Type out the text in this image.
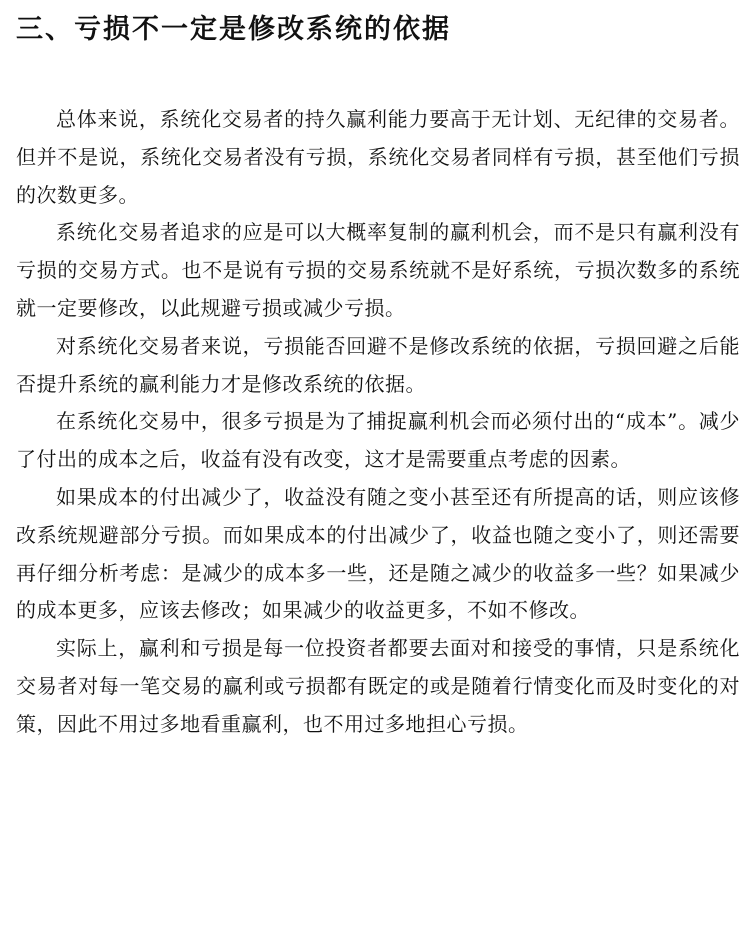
三、亏损不一定是修改系统的依据

总体来说，系统化交易者的持久赢利能力要高于无计划、无纪律的交易者。但并不是说，系统化交易者没有亏损，系统化交易者同样有亏损，甚至他们亏损的次数更多。

系统化交易者追求的应是可以大概率复制的赢利机会，而不是只有赢利没有亏损的交易方式。也不是说有亏损的交易系统就不是好系统，亏损次数多的系统就一定要修改，以此规避亏损或减少亏损。

对系统化交易者来说，亏损能否回避不是修改系统的依据，亏损回避之后能否提升系统的赢利能力才是修改系统的依据。

在系统化交易中，很多亏损是为了捕捉赢利机会而必须付出的“成本”。减少了付出的成本之后，收益有没有改变，这才是需要重点考虑的因素。

如果成本的付出减少了，收益没有随之变小甚至还有所提高的话，则应该修改系统规避部分亏损。而如果成本的付出减少了，收益也随之变小了，则还需要再仔细分析考虑：是减少的成本多一些，还是随之减少的收益多一些？如果减少的成本更多，应该去修改；如果减少的收益更多，不如不修改。

实际上，赢利和亏损是每一位投资者都要去面对和接受的事情，只是系统化交易者对每一笔交易的赢利或亏损都有既定的或是随着行情变化而及时变化的对策，因此不用过多地看重赢利，也不用过多地担心亏损。
